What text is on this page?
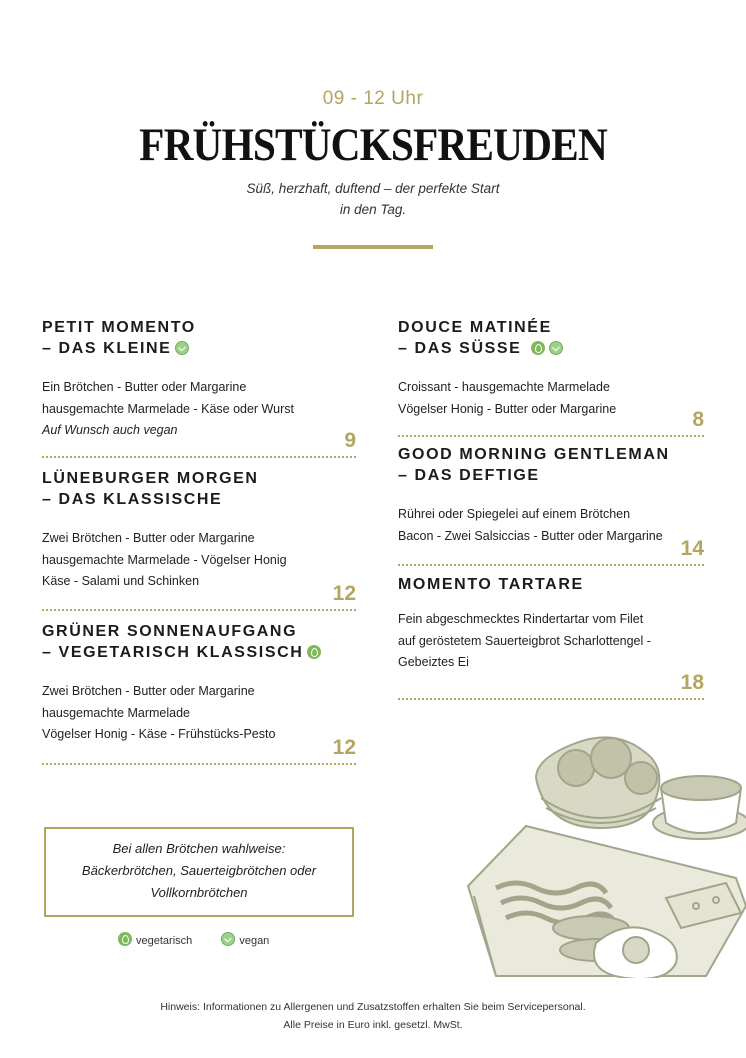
09 - 12 Uhr
FRÜHSTÜCKSFREUDEN
Süß, herzhaft, duftend – der perfekte Start
in den Tag.
PETIT MOMENTO
– DAS KLEINE
Ein Brötchen - Butter oder Margarine
hausgemachte Marmelade - Käse oder Wurst
Auf Wunsch auch vegan	9
LÜNEBURGER MORGEN
– DAS KLASSISCHE
Zwei Brötchen - Butter oder Margarine
hausgemachte Marmelade - Vögelser Honig
Käse - Salami und Schinken
12
GRÜNER SONNENAUFGANG
– VEGETARISCH KLASSISCH
Zwei Brötchen - Butter oder Margarine
hausgemachte Marmelade
Vögelser Honig - Käse - Frühstücks-Pesto
12
DOUCE MATINÉE
– DAS SÜSSE
Croissant - hausgemachte Marmelade
Vögelser Honig - Butter oder Margarine	8
GOOD MORNING GENTLEMAN
– DAS DEFTIGE
Rührei oder Spiegelei auf einem Brötchen
Bacon - Zwei Salsiccias - Butter oder Margarine
14
MOMENTO TARTARE
Fein abgeschmecktes Rindertartar vom Filet
auf geröstetem Sauerteigbrot Scharlottengel -
Gebeiztes Ei
18
Bei allen Brötchen wahlweise:
Bäckerbrötchen, Sauerteigbrötchen oder
Vollkornbrötchen
vegetarisch	vegan
Hinweis: Informationen zu Allergenen und Zusatzstoffen erhalten Sie beim Servicepersonal.
Alle Preise in Euro inkl. gesetzl. MwSt.
